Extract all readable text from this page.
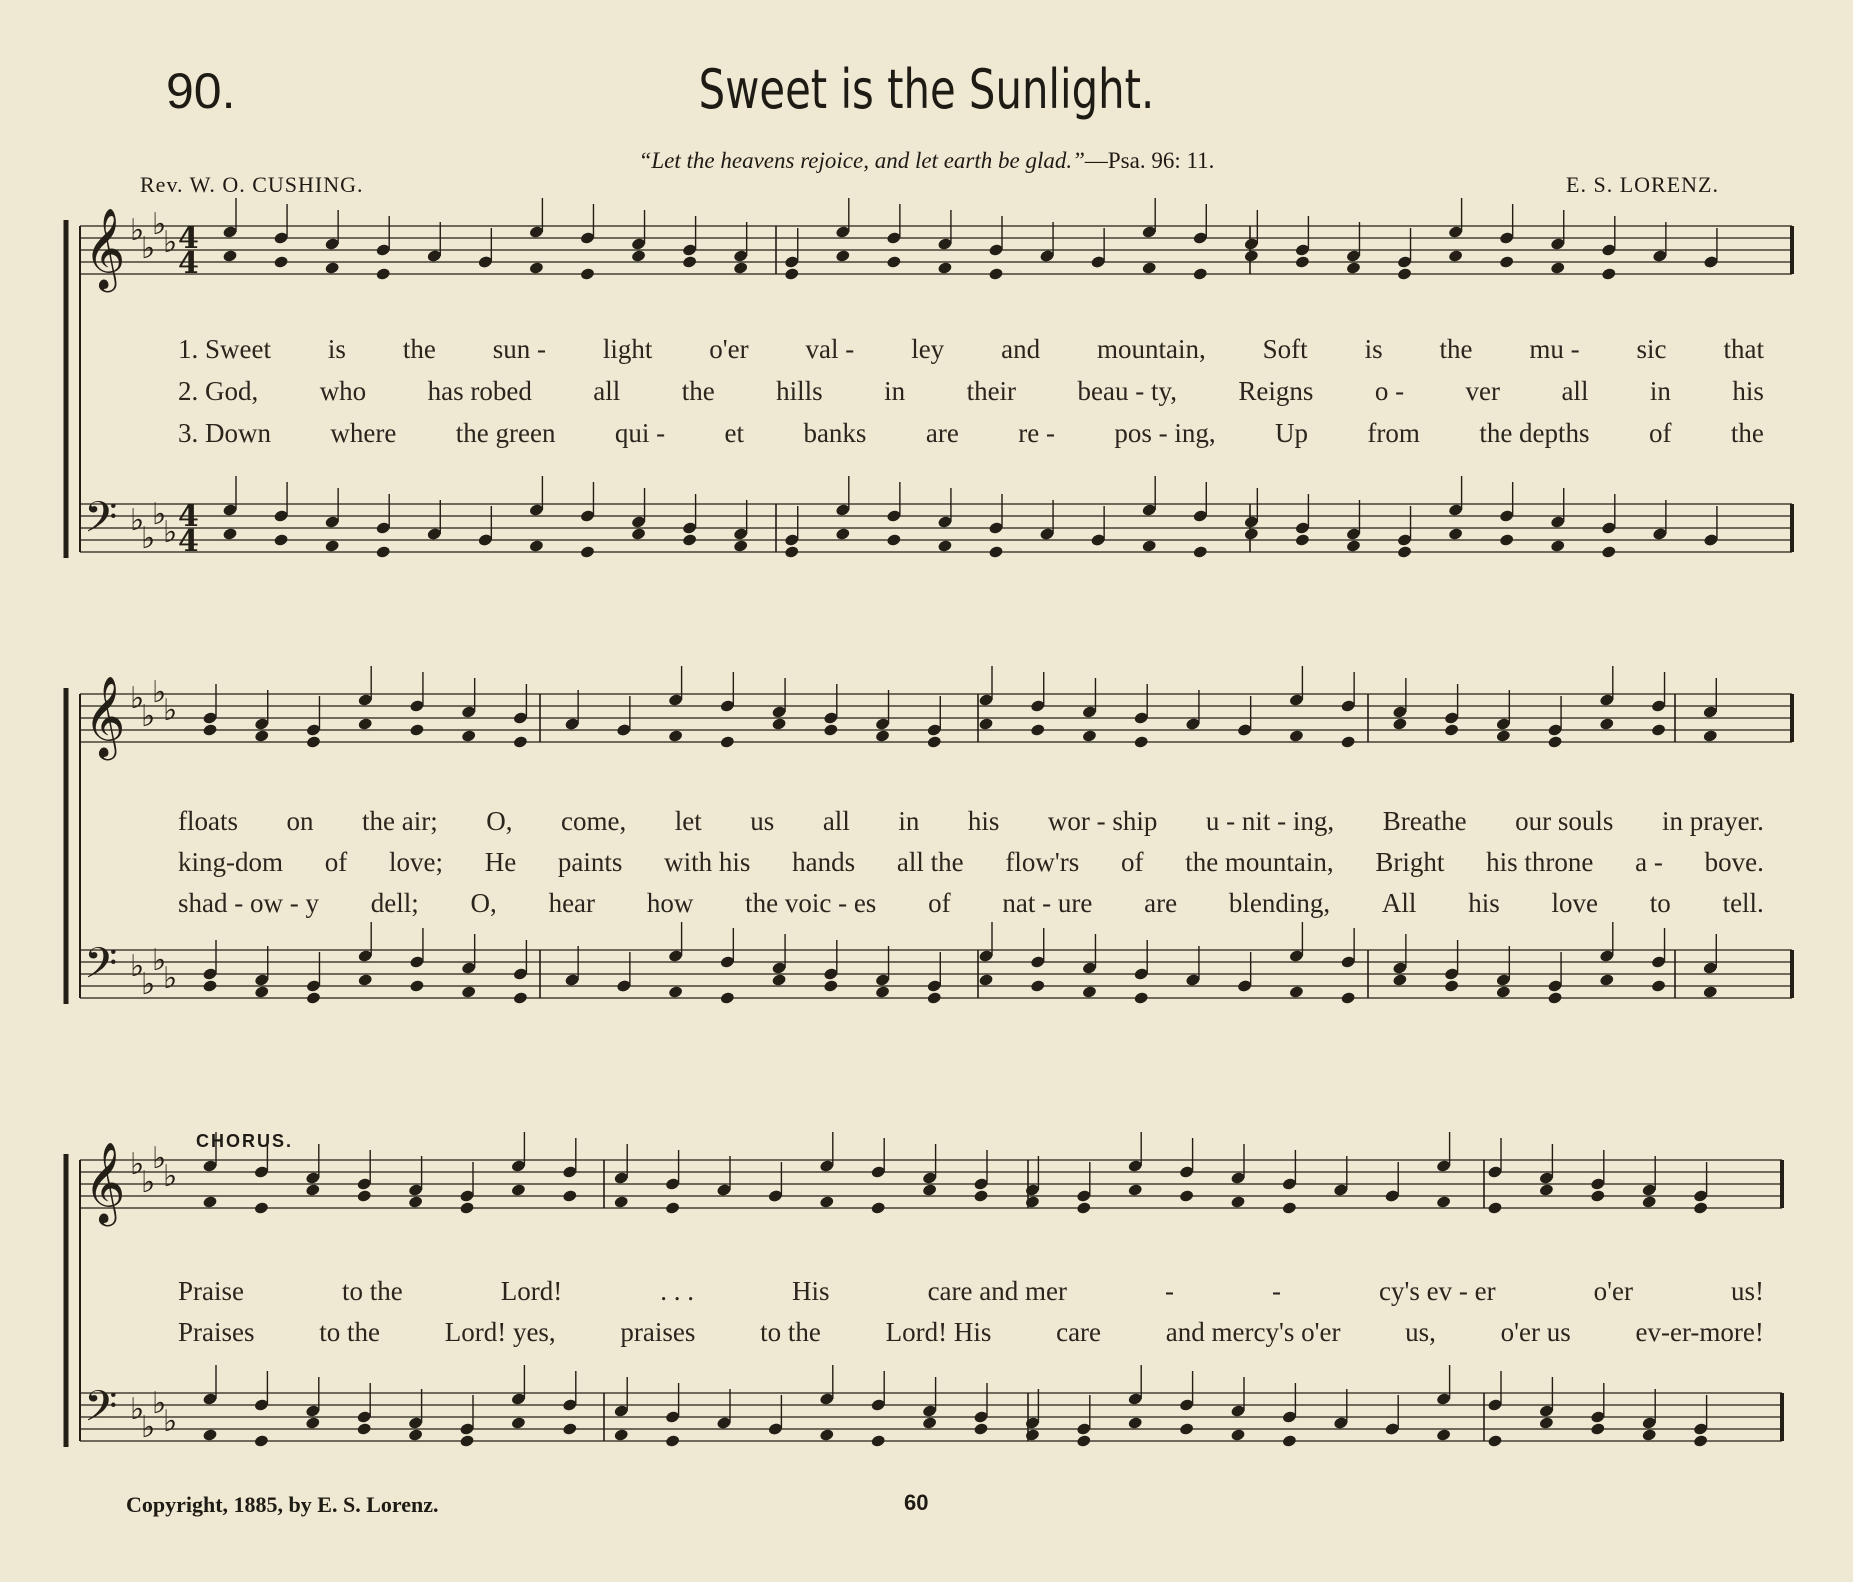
90.	Sweet is the Sunlight.
“Let the heavens rejoice, and let earth be glad.”—Psa. 96: 11.
Rev. W. O. CUSHING.	E. S. LORENZ.
𝄞 ♭
♭
♭
♭ 4
4
𝄢 ♭
♭
♭
♭ 4
4
𝄞 ♭
♭
♭
♭
𝄢 ♭
♭
♭
♭
𝄞 ♭
♭
♭
♭
𝄢 ♭
♭
♭
♭
1. Sweet is the sun - light o'er val - ley and mountain, Soft is the mu - sic that
2. God, who has robed all the hills in their beau - ty, Reigns o - ver all in his
3. Down where the green qui - et banks are re - pos - ing, Up from the depths of the
floats on the air; O, come, let us all in his wor - ship u - nit - ing, Breathe our souls in prayer.
king-dom of love; He paints with his hands all the flow'rs of the mountain, Bright his throne a - bove.
shad - ow - y dell; O, hear how the voic - es of nat - ure are blending, All his love to tell.
CHORUS.
Praise	to the	Lord!	. . .	His	care and mer	-	-	cy's ev - er	o'er	us!
Praises to the Lord! yes, praises to the Lord! His care and mercy's o'er us, o'er us ev-er-more!
Copyright, 1885, by E. S. Lorenz.	60
